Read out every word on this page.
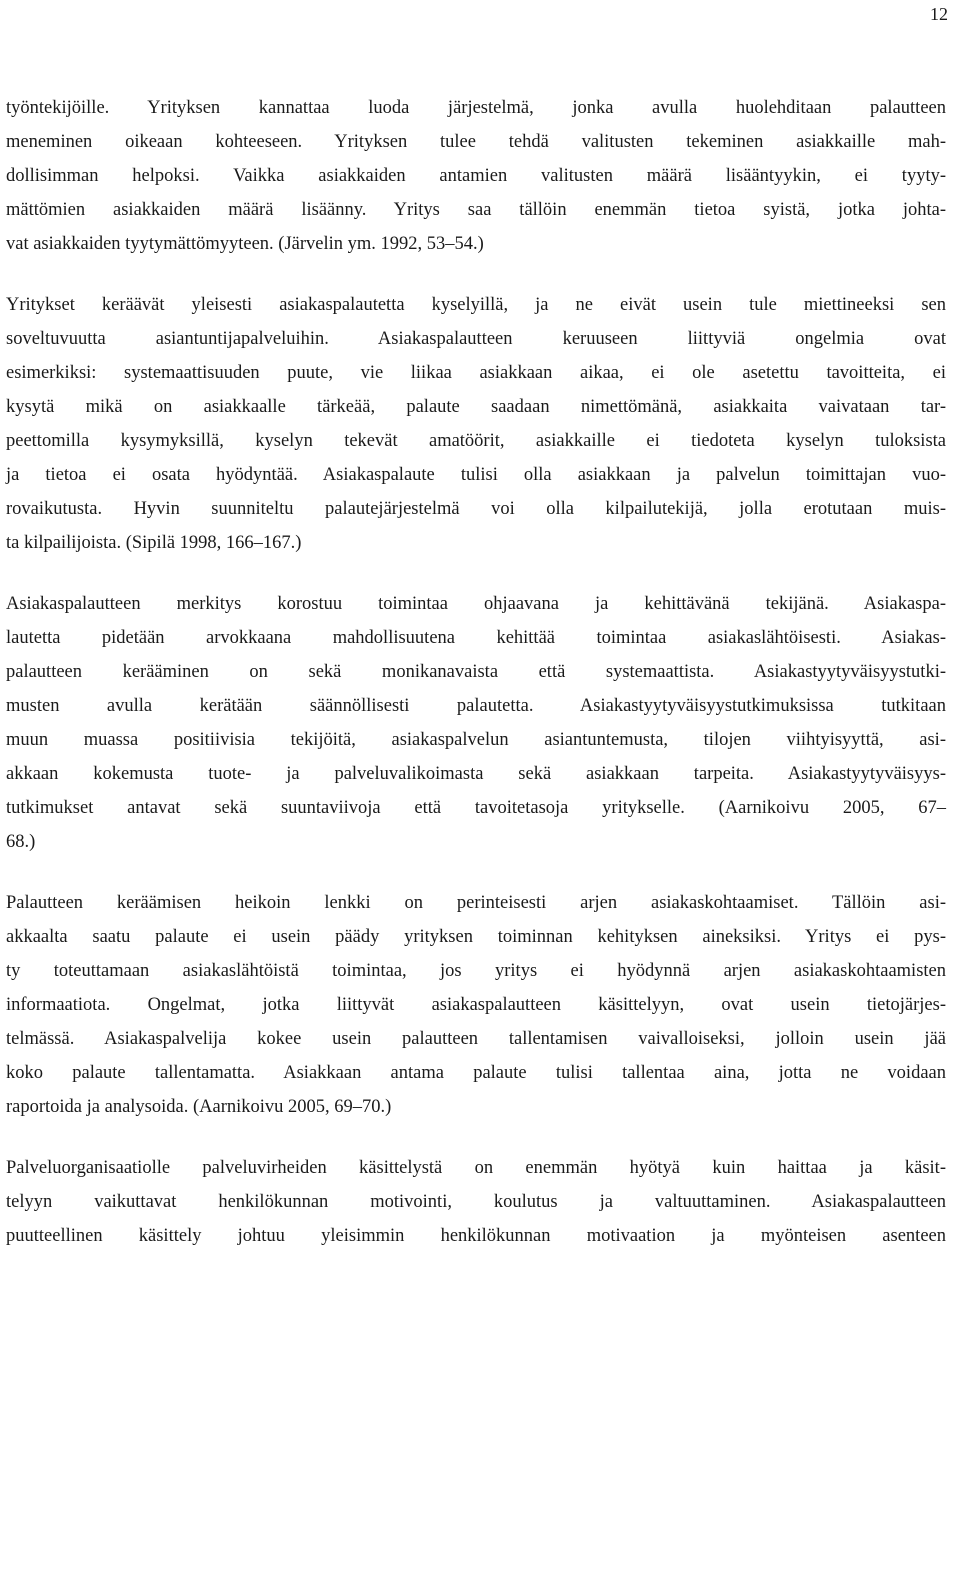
12
työntekijöille. Yrityksen kannattaa luoda järjestelmä, jonka avulla huolehditaan palautteen
meneminen oikeaan kohteeseen. Yrityksen tulee tehdä valitusten tekeminen asiakkaille mah-
dollisimman helpoksi. Vaikka asiakkaiden antamien valitusten määrä lisääntyykin, ei tyyty-
mättömien asiakkaiden määrä lisäänny. Yritys saa tällöin enemmän tietoa syistä, jotka johta-
vat asiakkaiden tyytymättömyyteen. (Järvelin ym. 1992, 53–54.)
Yritykset keräävät yleisesti asiakaspalautetta kyselyillä, ja ne eivät usein tule miettineeksi sen
soveltuvuutta asiantuntijapalveluihin. Asiakaspalautteen keruuseen liittyviä ongelmia ovat
esimerkiksi: systemaattisuuden puute, vie liikaa asiakkaan aikaa, ei ole asetettu tavoitteita, ei
kysytä mikä on asiakkaalle tärkeää, palaute saadaan nimettömänä, asiakkaita vaivataan tar-
peettomilla kysymyksillä, kyselyn tekevät amatöörit, asiakkaille ei tiedoteta kyselyn tuloksista
ja tietoa ei osata hyödyntää. Asiakaspalaute tulisi olla asiakkaan ja palvelun toimittajan vuo-
rovaikutusta. Hyvin suunniteltu palautejärjestelmä voi olla kilpailutekijä, jolla erotutaan muis-
ta kilpailijoista. (Sipilä 1998, 166–167.)
Asiakaspalautteen merkitys korostuu toimintaa ohjaavana ja kehittävänä tekijänä. Asiakaspa-
lautetta pidetään arvokkaana mahdollisuutena kehittää toimintaa asiakaslähtöisesti. Asiakas-
palautteen kerääminen on sekä monikanavaista että systemaattista. Asiakastyytyväisyystutki-
musten avulla kerätään säännöllisesti palautetta. Asiakastyytyväisyystutkimuksissa tutkitaan
muun muassa positiivisia tekijöitä, asiakaspalvelun asiantuntemusta, tilojen viihtyisyyttä, asi-
akkaan kokemusta tuote- ja palveluvalikoimasta sekä asiakkaan tarpeita. Asiakastyytyväisyys-
tutkimukset antavat sekä suuntaviivoja että tavoitetasoja yritykselle. (Aarnikoivu 2005, 67–
68.)
Palautteen keräämisen heikoin lenkki on perinteisesti arjen asiakaskohtaamiset. Tällöin asi-
akkaalta saatu palaute ei usein päädy yrityksen toiminnan kehityksen aineksiksi. Yritys ei pys-
ty toteuttamaan asiakaslähtöistä toimintaa, jos yritys ei hyödynnä arjen asiakaskohtaamisten
informaatiota. Ongelmat, jotka liittyvät asiakaspalautteen käsittelyyn, ovat usein tietojärjes-
telmässä. Asiakaspalvelija kokee usein palautteen tallentamisen vaivalloiseksi, jolloin usein jää
koko palaute tallentamatta. Asiakkaan antama palaute tulisi tallentaa aina, jotta ne voidaan
raportoida ja analysoida. (Aarnikoivu 2005, 69–70.)
Palveluorganisaatiolle palveluvirheiden käsittelystä on enemmän hyötyä kuin haittaa ja käsit-
telyyn vaikuttavat henkilökunnan motivointi, koulutus ja valtuuttaminen. Asiakaspalautteen
puutteellinen käsittely johtuu yleisimmin henkilökunnan motivaation ja myönteisen asenteen
